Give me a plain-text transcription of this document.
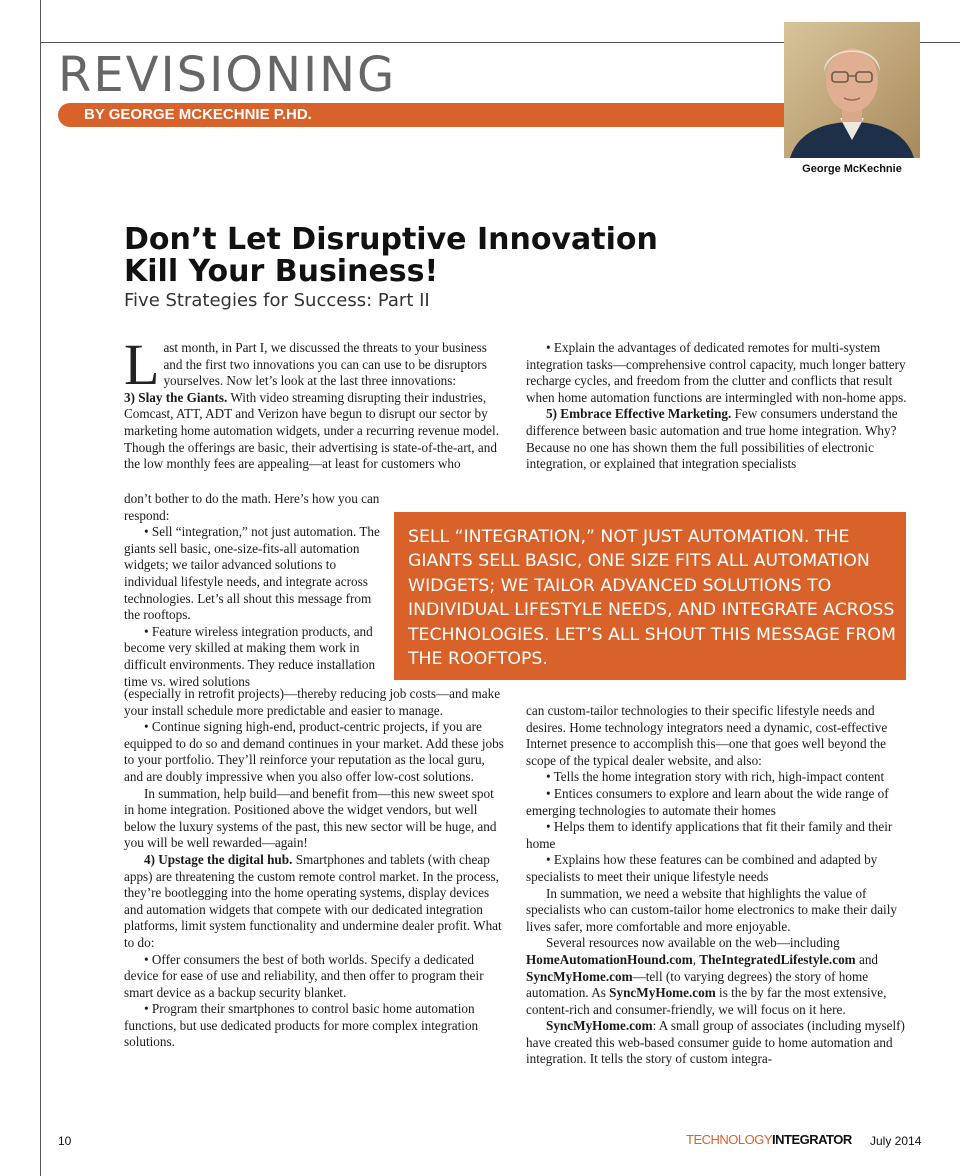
REVISIONING
BY GEORGE MCKECHNIE P.HD.
George McKechnie
Don’t Let Disruptive Innovation
Kill Your Business!
Five Strategies for Success: Part II

Last month, in Part I, we discussed the threats to your business and the first two innovations you can can use to be disruptors yourselves. Now let’s look at the last three innovations:

3) Slay the Giants. With video streaming disrupting their industries, Comcast, ATT, ADT and Verizon have begun to disrupt our sector by marketing home automation widgets, under a recurring revenue model. Though the offerings are basic, their advertising is state-of-the-art, and the low monthly fees are appealing—at least for customers who

don’t bother to do the math. Here’s how you can respond:

• Sell “integration,” not just automation. The giants sell basic, one-size-fits-all automation widgets; we tailor advanced solutions to individual lifestyle needs, and integrate across technologies. Let’s all shout this message from the rooftops.

• Feature wireless integration products, and become very skilled at making them work in difficult environments. They reduce installation time vs. wired solutions

(especially in retrofit projects)—thereby reducing job costs—and make your install schedule more predictable and easier to manage.

• Continue signing high-end, product-centric projects, if you are equipped to do so and demand continues in your market. Add these jobs to your portfolio. They’ll reinforce your reputation as the local guru, and are doubly impressive when you also offer low-cost solutions.

In summation, help build—and benefit from—this new sweet spot in home integration. Positioned above the widget vendors, but well below the luxury systems of the past, this new sector will be huge, and you will be well rewarded—again!

4) Upstage the digital hub. Smartphones and tablets (with cheap apps) are threatening the custom remote control market. In the process, they’re bootlegging into the home operating systems, display devices and automation widgets that compete with our dedicated integration platforms, limit system functionality and undermine dealer profit. What to do:

• Offer consumers the best of both worlds. Specify a dedicated device for ease of use and reliability, and then offer to program their smart device as a backup security blanket.

• Program their smartphones to control basic home automation functions, but use dedicated products for more complex integration solutions.

• Explain the advantages of dedicated remotes for multi-system integration tasks—comprehensive control capacity, much longer battery recharge cycles, and freedom from the clutter and conflicts that result when home automation functions are intermingled with non-home apps.

5) Embrace Effective Marketing. Few consumers understand the difference between basic automation and true home integration. Why? Because no one has shown them the full possibilities of electronic integration, or explained that integration specialists

SELL “INTEGRATION,” NOT JUST AUTOMATION. THE GIANTS SELL BASIC, ONE SIZE FITS ALL AUTOMATION WIDGETS; WE TAILOR ADVANCED SOLUTIONS TO INDIVIDUAL LIFESTYLE NEEDS, AND INTEGRATE ACROSS TECHNOLOGIES. LET’S ALL SHOUT THIS MESSAGE FROM THE ROOFTOPS.

can custom-tailor technologies to their specific lifestyle needs and desires. Home technology integrators need a dynamic, cost-effective Internet presence to accomplish this—one that goes well beyond the scope of the typical dealer website, and also:

• Tells the home integration story with rich, high-impact content

• Entices consumers to explore and learn about the wide range of emerging technologies to automate their homes

• Helps them to identify applications that fit their family and their home

• Explains how these features can be combined and adapted by specialists to meet their unique lifestyle needs

In summation, we need a website that highlights the value of specialists who can custom-tailor home electronics to make their daily lives safer, more comfortable and more enjoyable.

Several resources now available on the web—including HomeAutomationHound.com, TheIntegratedLifestyle.com and SyncMyHome.com—tell (to varying degrees) the story of home automation. As SyncMyHome.com is the by far the most extensive, content-rich and consumer-friendly, we will focus on it here.

SyncMyHome.com: A small group of associates (including myself) have created this web-based consumer guide to home automation and integration. It tells the story of custom integra-

10	TECHNOLOGYINTEGRATOR July 2014
